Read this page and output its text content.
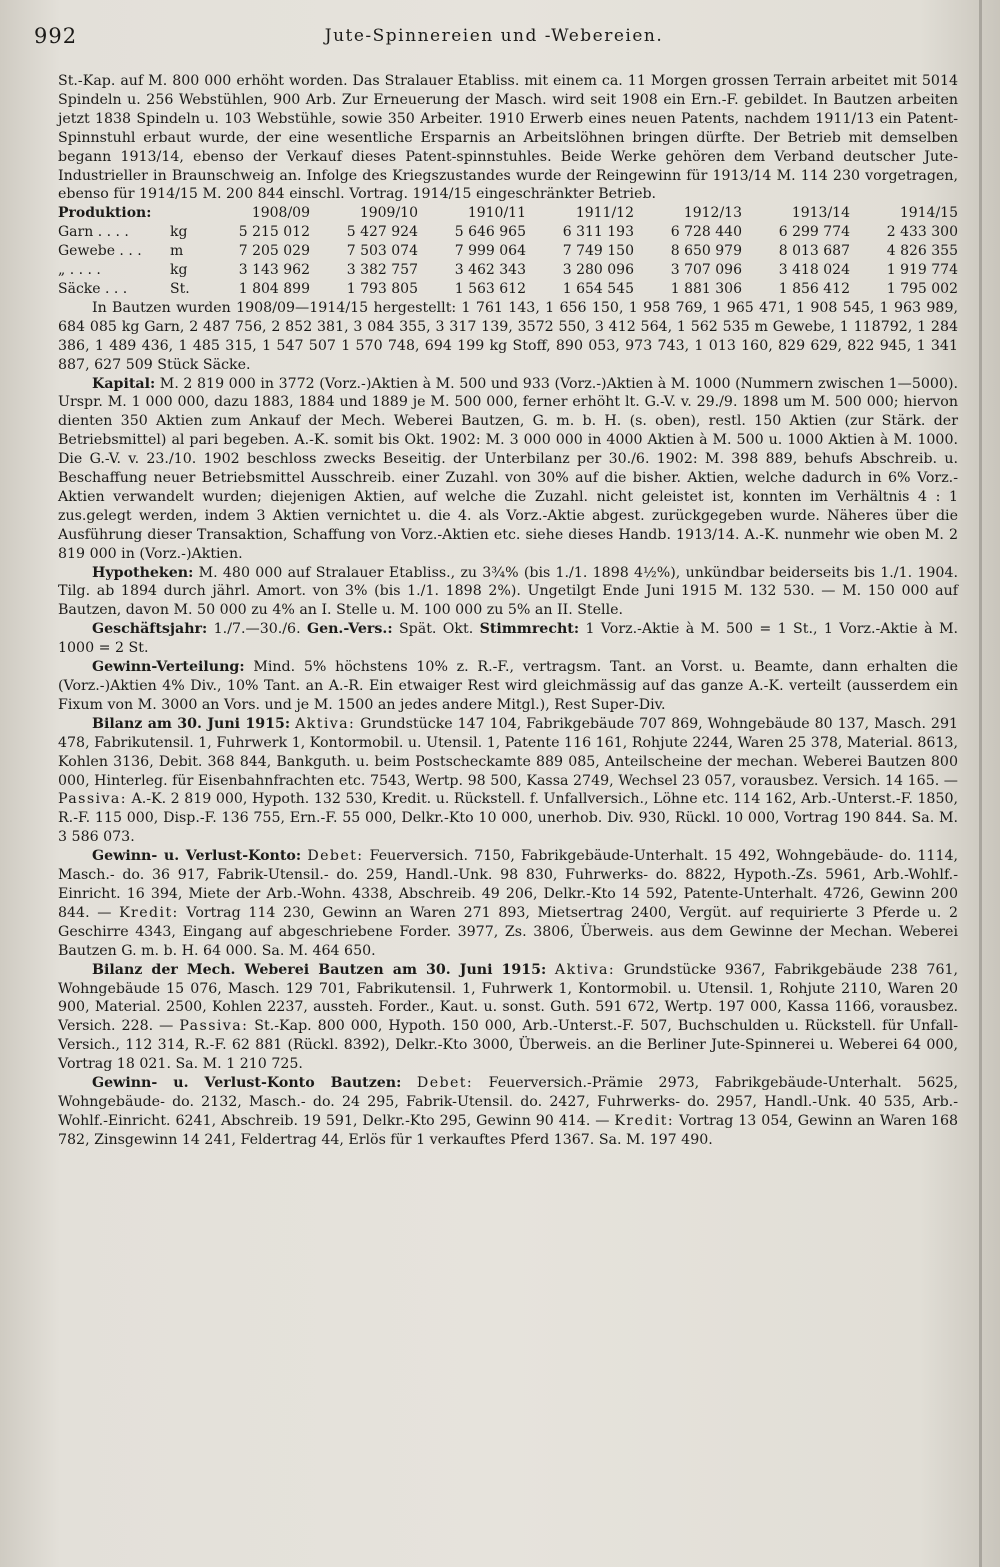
992	Jute-Spinnereien und -Webereien.

St.-Kap. auf M. 800 000 erhöht worden. Das Stralauer Etabliss. mit einem ca. 11 Morgen grossen Terrain arbeitet mit 5014 Spindeln u. 256 Webstühlen, 900 Arb. Zur Erneuerung der Masch. wird seit 1908 ein Ern.-F. gebildet. In Bautzen arbeiten jetzt 1838 Spindeln u. 103 Webstühle, sowie 350 Arbeiter. 1910 Erwerb eines neuen Patents, nachdem 1911/13 ein Patent-Spinnstuhl erbaut wurde, der eine wesentliche Ersparnis an Arbeitslöhnen bringen dürfte. Der Betrieb mit demselben begann 1913/14, ebenso der Verkauf dieses Patent-spinnstuhles. Beide Werke gehören dem Verband deutscher Jute-Industrieller in Braunschweig an. Infolge des Kriegszustandes wurde der Reingewinn für 1913/14 M. 114 230 vorgetragen, ebenso für 1914/15 M. 200 844 einschl. Vortrag. 1914/15 eingeschränkter Betrieb.

Produktion:		1908/09	1909/10	1910/11	1911/12	1912/13	1913/14	1914/15
Garn . . . .	kg	5 215 012	5 427 924	5 646 965	6 311 193	6 728 440	6 299 774	2 433 300
Gewebe . . .	m	7 205 029	7 503 074	7 999 064	7 749 150	8 650 979	8 013 687	4 826 355
„ . . . .	kg	3 143 962	3 382 757	3 462 343	3 280 096	3 707 096	3 418 024	1 919 774
Säcke . . .	St.	1 804 899	1 793 805	1 563 612	1 654 545	1 881 306	1 856 412	1 795 002

In Bautzen wurden 1908/09—1914/15 hergestellt: 1 761 143, 1 656 150, 1 958 769, 1 965 471, 1 908 545, 1 963 989, 684 085 kg Garn, 2 487 756, 2 852 381, 3 084 355, 3 317 139, 3572 550, 3 412 564, 1 562 535 m Gewebe, 1 118792, 1 284 386, 1 489 436, 1 485 315, 1 547 507 1 570 748, 694 199 kg Stoff, 890 053, 973 743, 1 013 160, 829 629, 822 945, 1 341 887, 627 509 Stück Säcke.

Kapital: M. 2 819 000 in 3772 (Vorz.-)Aktien à M. 500 und 933 (Vorz.-)Aktien à M. 1000 (Nummern zwischen 1—5000). Urspr. M. 1 000 000, dazu 1883, 1884 und 1889 je M. 500 000, ferner erhöht lt. G.-V. v. 29./9. 1898 um M. 500 000; hiervon dienten 350 Aktien zum Ankauf der Mech. Weberei Bautzen, G. m. b. H. (s. oben), restl. 150 Aktien (zur Stärk. der Betriebsmittel) al pari begeben. A.-K. somit bis Okt. 1902: M. 3 000 000 in 4000 Aktien à M. 500 u. 1000 Aktien à M. 1000. Die G.-V. v. 23./10. 1902 beschloss zwecks Beseitig. der Unterbilanz per 30./6. 1902: M. 398 889, behufs Abschreib. u. Beschaffung neuer Betriebsmittel Ausschreib. einer Zuzahl. von 30% auf die bisher. Aktien, welche dadurch in 6% Vorz.-Aktien verwandelt wurden; diejenigen Aktien, auf welche die Zuzahl. nicht geleistet ist, konnten im Verhältnis 4 : 1 zus.gelegt werden, indem 3 Aktien vernichtet u. die 4. als Vorz.-Aktie abgest. zurückgegeben wurde. Näheres über die Ausführung dieser Transaktion, Schaffung von Vorz.-Aktien etc. siehe dieses Handb. 1913/14. A.-K. nunmehr wie oben M. 2 819 000 in (Vorz.-)Aktien.

Hypotheken: M. 480 000 auf Stralauer Etabliss., zu 3¾% (bis 1./1. 1898 4½%), unkündbar beiderseits bis 1./1. 1904. Tilg. ab 1894 durch jährl. Amort. von 3% (bis 1./1. 1898 2%). Ungetilgt Ende Juni 1915 M. 132 530. — M. 150 000 auf Bautzen, davon M. 50 000 zu 4% an I. Stelle u. M. 100 000 zu 5% an II. Stelle.

Geschäftsjahr: 1./7.—30./6. Gen.-Vers.: Spät. Okt. Stimmrecht: 1 Vorz.-Aktie à M. 500 = 1 St., 1 Vorz.-Aktie à M. 1000 = 2 St.

Gewinn-Verteilung: Mind. 5% höchstens 10% z. R.-F., vertragsm. Tant. an Vorst. u. Beamte, dann erhalten die (Vorz.-)Aktien 4% Div., 10% Tant. an A.-R. Ein etwaiger Rest wird gleichmässig auf das ganze A.-K. verteilt (ausserdem ein Fixum von M. 3000 an Vors. und je M. 1500 an jedes andere Mitgl.), Rest Super-Div.

Bilanz am 30. Juni 1915: Aktiva: Grundstücke 147 104, Fabrikgebäude 707 869, Wohngebäude 80 137, Masch. 291 478, Fabrikutensil. 1, Fuhrwerk 1, Kontormobil. u. Utensil. 1, Patente 116 161, Rohjute 2244, Waren 25 378, Material. 8613, Kohlen 3136, Debit. 368 844, Bankguth. u. beim Postscheckamte 889 085, Anteilscheine der mechan. Weberei Bautzen 800 000, Hinterleg. für Eisenbahnfrachten etc. 7543, Wertp. 98 500, Kassa 2749, Wechsel 23 057, vorausbez. Versich. 14 165. — Passiva: A.-K. 2 819 000, Hypoth. 132 530, Kredit. u. Rückstell. f. Unfallversich., Löhne etc. 114 162, Arb.-Unterst.-F. 1850, R.-F. 115 000, Disp.-F. 136 755, Ern.-F. 55 000, Delkr.-Kto 10 000, unerhob. Div. 930, Rückl. 10 000, Vortrag 190 844. Sa. M. 3 586 073.

Gewinn- u. Verlust-Konto: Debet: Feuerversich. 7150, Fabrikgebäude-Unterhalt. 15 492, Wohngebäude- do. 1114, Masch.- do. 36 917, Fabrik-Utensil.- do. 259, Handl.-Unk. 98 830, Fuhrwerks- do. 8822, Hypoth.-Zs. 5961, Arb.-Wohlf.-Einricht. 16 394, Miete der Arb.-Wohn. 4338, Abschreib. 49 206, Delkr.-Kto 14 592, Patente-Unterhalt. 4726, Gewinn 200 844. — Kredit: Vortrag 114 230, Gewinn an Waren 271 893, Mietsertrag 2400, Vergüt. auf requirierte 3 Pferde u. 2 Geschirre 4343, Eingang auf abgeschriebene Forder. 3977, Zs. 3806, Überweis. aus dem Gewinne der Mechan. Weberei Bautzen G. m. b. H. 64 000. Sa. M. 464 650.

Bilanz der Mech. Weberei Bautzen am 30. Juni 1915: Aktiva: Grundstücke 9367, Fabrikgebäude 238 761, Wohngebäude 15 076, Masch. 129 701, Fabrikutensil. 1, Fuhrwerk 1, Kontormobil. u. Utensil. 1, Rohjute 2110, Waren 20 900, Material. 2500, Kohlen 2237, ausstеh. Forder., Kaut. u. sonst. Guth. 591 672, Wertp. 197 000, Kassa 1166, vorausbez. Versich. 228. — Passiva: St.-Kap. 800 000, Hypoth. 150 000, Arb.-Unterst.-F. 507, Buchschulden u. Rückstell. für Unfall-Versich., 112 314, R.-F. 62 881 (Rückl. 8392), Delkr.-Kto 3000, Überweis. an die Berliner Jute-Spinnerei u. Weberei 64 000, Vortrag 18 021. Sa. M. 1 210 725.

Gewinn- u. Verlust-Konto Bautzen: Debet: Feuerversich.-Prämie 2973, Fabrikgebäude-Unterhalt. 5625, Wohngebäude- do. 2132, Masch.- do. 24 295, Fabrik-Utensil. do. 2427, Fuhrwerks- do. 2957, Handl.-Unk. 40 535, Arb.-Wohlf.-Einricht. 6241, Abschreib. 19 591, Delkr.-Kto 295, Gewinn 90 414. — Kredit: Vortrag 13 054, Gewinn an Waren 168 782, Zinsgewinn 14 241, Feldertrag 44, Erlös für 1 verkauftes Pferd 1367. Sa. M. 197 490.
